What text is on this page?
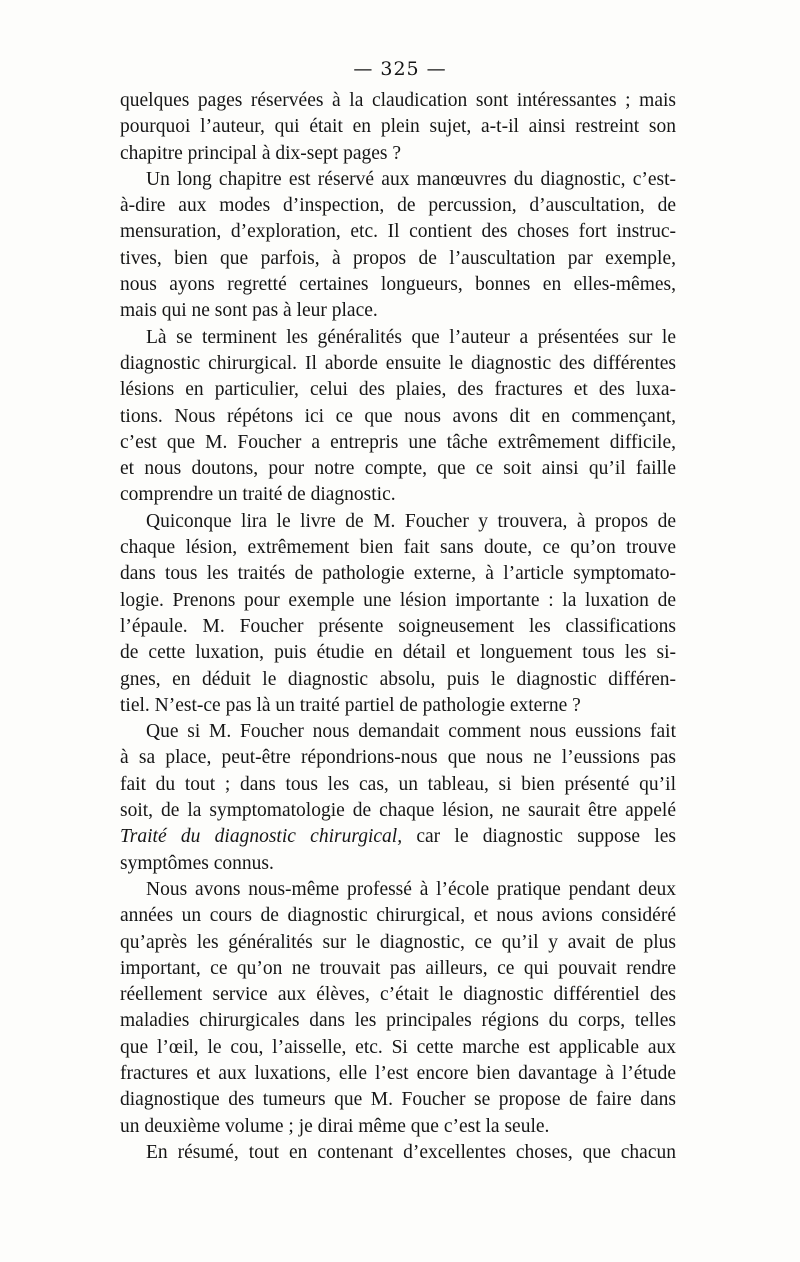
— 325 —
quelques pages réservées à la claudication sont intéressantes ; mais
pourquoi l’auteur, qui était en plein sujet, a-t-il ainsi restreint son
chapitre principal à dix-sept pages ?
Un long chapitre est réservé aux manœuvres du diagnostic, c’est-
à-dire aux modes d’inspection, de percussion, d’auscultation, de
mensuration, d’exploration, etc. Il contient des choses fort instruc-
tives, bien que parfois, à propos de l’auscultation par exemple,
nous ayons regretté certaines longueurs, bonnes en elles-mêmes,
mais qui ne sont pas à leur place.
Là se terminent les généralités que l’auteur a présentées sur le
diagnostic chirurgical. Il aborde ensuite le diagnostic des différentes
lésions en particulier, celui des plaies, des fractures et des luxa-
tions. Nous répétons ici ce que nous avons dit en commençant,
c’est que M. Foucher a entrepris une tâche extrêmement difficile,
et nous doutons, pour notre compte, que ce soit ainsi qu’il faille
comprendre un traité de diagnostic.
Quiconque lira le livre de M. Foucher y trouvera, à propos de
chaque lésion, extrêmement bien fait sans doute, ce qu’on trouve
dans tous les traités de pathologie externe, à l’article symptomato-
logie. Prenons pour exemple une lésion importante : la luxation de
l’épaule. M. Foucher présente soigneusement les classifications
de cette luxation, puis étudie en détail et longuement tous les si-
gnes, en déduit le diagnostic absolu, puis le diagnostic différen-
tiel. N’est-ce pas là un traité partiel de pathologie externe ?
Que si M. Foucher nous demandait comment nous eussions fait
à sa place, peut-être répondrions-nous que nous ne l’eussions pas
fait du tout ; dans tous les cas, un tableau, si bien présenté qu’il
soit, de la symptomatologie de chaque lésion, ne saurait être appelé
Traité du diagnostic chirurgical, car le diagnostic suppose les
symptômes connus.
Nous avons nous-même professé à l’école pratique pendant deux
années un cours de diagnostic chirurgical, et nous avions considéré
qu’après les généralités sur le diagnostic, ce qu’il y avait de plus
important, ce qu’on ne trouvait pas ailleurs, ce qui pouvait rendre
réellement service aux élèves, c’était le diagnostic différentiel des
maladies chirurgicales dans les principales régions du corps, telles
que l’œil, le cou, l’aisselle, etc. Si cette marche est applicable aux
fractures et aux luxations, elle l’est encore bien davantage à l’étude
diagnostique des tumeurs que M. Foucher se propose de faire dans
un deuxième volume ; je dirai même que c’est la seule.
En résumé, tout en contenant d’excellentes choses, que chacun
